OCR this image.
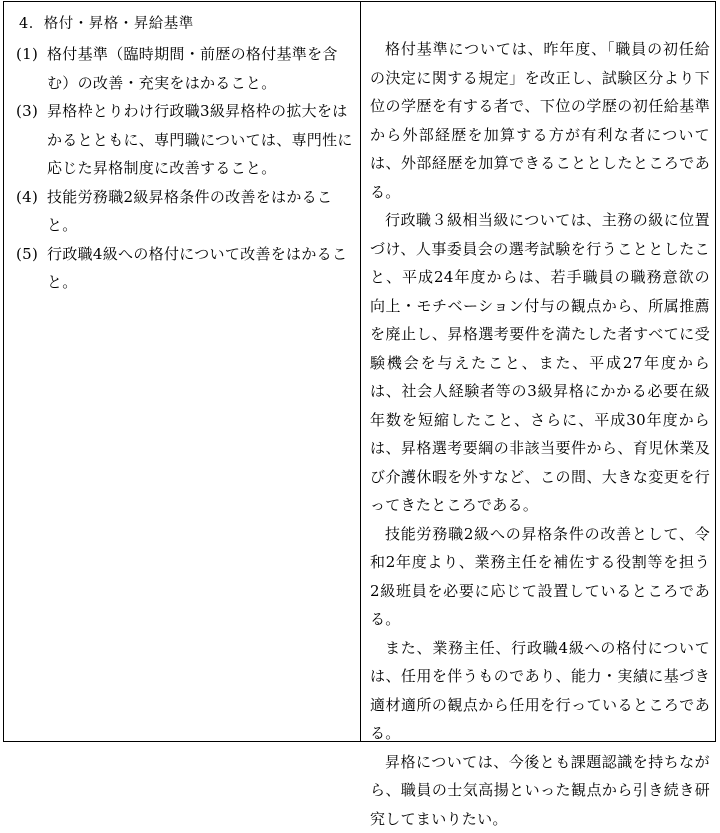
4．格付・昇格・昇給基準
(1) 格付基準（臨時期間・前歴の格付基準を含む）の改善・充実をはかること。
(3) 昇格枠とりわけ行政職3級昇格枠の拡大をはかるとともに、専門職については、専門性に応じた昇格制度に改善すること。
(4) 技能労務職2級昇格条件の改善をはかること。
(5) 行政職4級への格付について改善をはかること。

格付基準については、昨年度、「職員の初任給の決定に関する規定」を改正し、試験区分より下位の学歴を有する者で、下位の学歴の初任給基準から外部経歴を加算する方が有利な者については、外部経歴を加算できることとしたところである。

行政職３級相当級については、主務の級に位置づけ、人事委員会の選考試験を行うこととしたこと、平成24年度からは、若手職員の職務意欲の向上・モチベーション付与の観点から、所属推薦を廃止し、昇格選考要件を満たした者すべてに受験機会を与えたこと、また、平成27年度からは、社会人経験者等の3級昇格にかかる必要在級年数を短縮したこと、さらに、平成30年度からは、昇格選考要綱の非該当要件から、育児休業及び介護休暇を外すなど、この間、大きな変更を行ってきたところである。

技能労務職2級への昇格条件の改善として、令和2年度より、業務主任を補佐する役割等を担う2級班員を必要に応じて設置しているところである。

また、業務主任、行政職4級への格付については、任用を伴うものであり、能力・実績に基づき適材適所の観点から任用を行っているところである。

昇格については、今後とも課題認識を持ちながら、職員の士気高揚といった観点から引き続き研究してまいりたい。
